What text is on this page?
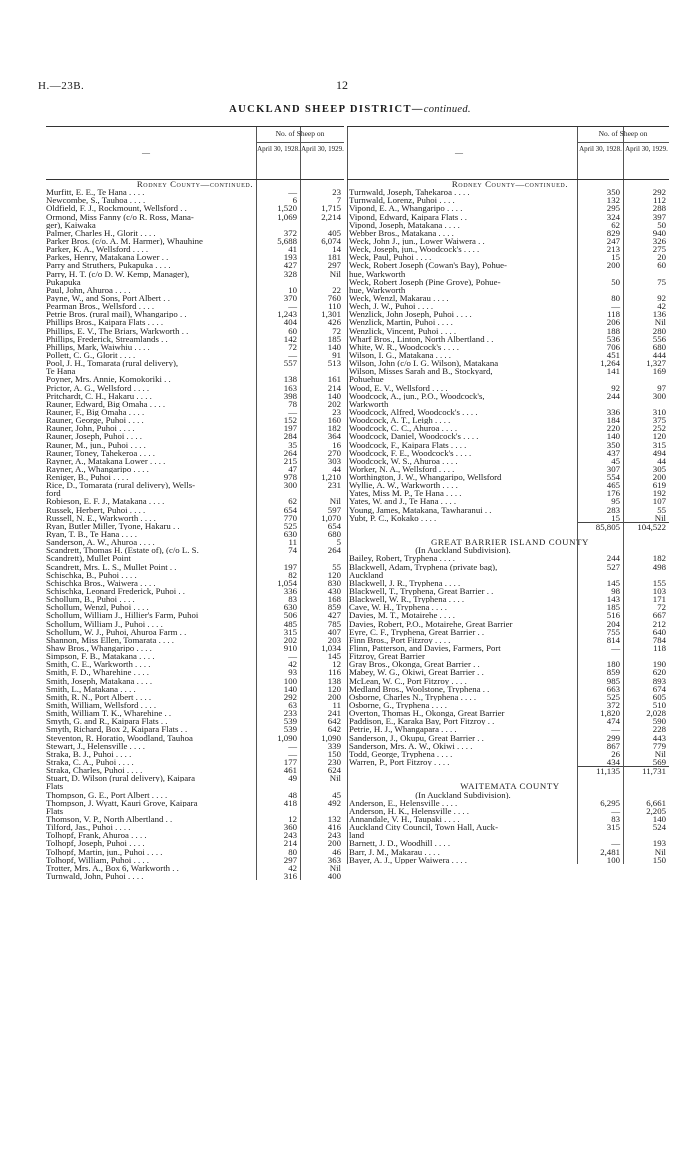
H.—23B.	12
AUCKLAND SHEEP DISTRICT—continued.
—
No. of Sheep on
April 30, 1928. April 30, 1929.
Rodney County—continued.
Murfitt, E. E., Te Hana . . . .	—	23
Newcombe, S., Tauhoa . . . .	6	7
Oldfield, F. J., Rockmount, Wellsford . .	1,520	1,715
Ormond, Miss Fanny (c/o R. Ross, Mana-	1,069	2,214
ger), Kaiwaka
Palmer, Charles H., Glorit . . . .	372	405
Parker Bros. (c/o. A. M. Harmer), Whauhine	5,688	6,074
Parker, K. A., Wellsford . . . .	41	14
Parkes, Henry, Matakana Lower . .	193	181
Parry and Struthers, Pukapuka . . . .	427	297
Parry, H. T. (c/o D. W. Kemp, Manager),	328	Nil
Pukapuka
Paul, John, Ahuroa . . . .	10	22
Payne, W., and Sons, Port Albert . .	370	760
Pearman Bros., Wellsford . . . .	—	110
Petrie Bros. (rural mail), Whangaripo . .	1,243	1,301
Phillips Bros., Kaipara Flats . . . .	404	426
Phillips, E. V., The Briars, Warkworth . .	60	72
Phillips, Frederick, Streamlands . .	142	185
Phillips, Mark, Waiwhiu . . . .	72	140
Pollett, C. G., Glorit . . . .	—	91
Pool, J. H., Tomarata (rural delivery),	557	513
Te Hana
Poyner, Mrs. Annie, Komokoriki . .	138	161
Prictor, A. G., Wellsford . . . .	163	214
Pritchardt, C. H., Hakaru . . . .	398	140
Rauner, Edward, Big Omaha . . . .	78	202
Rauner, F., Big Omaha . . . .	—	23
Rauner, George, Puhoi . . . .	152	160
Rauner, John, Puhoi . . . .	197	182
Rauner, Joseph, Puhoi . . . .	284	364
Rauner, M., jun., Puhoi . . . .	35	16
Rauner, Toney, Tahekeroa . . . .	264	270
Rayner, A., Matakana Lower . . . .	215	303
Rayner, A., Whangaripo . . . .	47	44
Reniger, B., Puhoi . . . .	978	1,210
Rice, D., Tomarata (rural delivery), Wells-	300	231
ford
Robieson, E. F. J., Matakana . . . .	62	Nil
Russek, Herbert, Puhoi . . . .	654	597
Russell, N. E., Warkworth . . . .	770	1,070
Ryan, Butler Miller, Tyone, Hakaru . .	525	654
Ryan, T. B., Te Hana . . . .	630	680
Sanderson, A. W., Ahuroa . . . .	11	5
Scandrett, Thomas H. (Estate of), (c/o L. S.	74	264
Scandrett), Mullet Point
Scandrett, Mrs. L. S., Mullet Point . .	197	55
Schischka, B., Puhoi . . . .	82	120
Schischka Bros., Waiwera . . . .	1,054	830
Schischka, Leonard Frederick, Puhoi . .	336	430
Schollum, B., Puhoi . . . .	83	168
Schollum, Wenzl, Puhoi . . . .	630	859
Schollum, William J., Hillier's Farm, Puhoi	506	427
Schollum, William J., Puhoi . . . .	485	785
Schollum, W. J., Puhoi, Ahuroa Farm . .	315	407
Shannon, Miss Ellen, Tomarata . . . .	202	203
Shaw Bros., Whangaripo . . . .	910	1,034
Simpson, F. B., Matakana . . . .	—	145
Smith, C. E., Warkworth . . . .	42	12
Smith, F. D., Wharehine . . . .	93	116
Smith, Joseph, Matakana . . . .	100	138
Smith, L., Matakana . . . .	140	120
Smith, R. N., Port Albert . . . .	292	200
Smith, William, Wellsford . . . .	63	11
Smith, William T. K., Wharehine . .	233	241
Smyth, G. and R., Kaipara Flats . .	539	642
Smyth, Richard, Box 2, Kaipara Flats . .	539	642
Steventon, R. Horatio, Woodland, Tauhoa	1,090	1,090
Stewart, J., Helensville . . . .	—	339
Straka, B. J., Puhoi . . . .	—	150
Straka, C. A., Puhoi . . . .	177	230
Straka, Charles, Puhoi . . . .	461	624
Stuart, D. Wilson (rural delivery), Kaipara	49	Nil
Flats
Thompson, G. E., Port Albert . . . .	48	45
Thompson, J. Wyatt, Kauri Grove, Kaipara	418	492
Flats
Thomson, V. P., North Albertland . .	12	132
Tilford, Jas., Puhoi . . . .	360	416
Tolhopf, Frank, Ahuroa . . . .	243	243
Tolhopf, Joseph, Puhoi . . . .	214	200
Tolhopf, Martin, jun., Puhoi . . . .	80	46
Tolhopf, William, Puhoi . . . .	297	363
Trotter, Mrs. A., Box 6, Warkworth . .	42	Nil
Turnwald, John, Puhoi . . . .	316	400
—
No. of Sheep on
April 30, 1928. April 30, 1929.
Rodney County—continued.
Turnwald, Joseph, Tahekaroa . . . .	350	292
Turnwald, Lorenz, Puhoi . . . .	132	112
Vipond, E. A., Whangaripo . . . .	295	288
Vipond, Edward, Kaipara Flats . .	324	397
Vipond, Joseph, Matakana . . . .	62	50
Webber Bros., Matakana . . . .	829	940
Weck, John J., jun., Lower Waiwera . .	247	326
Weck, Joseph, jun., Woodcock's . . . .	213	275
Weck, Paul, Puhoi . . . .	15	20
Weck, Robert Joseph (Cowan's Bay), Pohue-	200	60
hue, Warkworth
Weck, Robert Joseph (Pine Grove), Pohue-	50	75
hue, Warkworth
Weck, Wenzl, Makarau . . . .	80	92
Wech, J. W., Puhoi . . . .	—	42
Wenzlick, John Joseph, Puhoi . . . .	118	136
Wenzlick, Martin, Puhoi . . . .	206	Nil
Wenzlick, Vincent, Puhoi . . . .	188	280
Wharf Bros., Linton, North Albertland . .	536	556
White, W. R., Woodcock's . . . .	706	680
Wilson, I. G., Matakana . . . .	451	444
Wilson, John (c/o I. G. Wilson), Matakana	1,264	1,327
Wilson, Misses Sarah and B., Stockyard,	141	169
Pohuehue
Wood, E. V., Wellsford . . . .	92	97
Woodcock, A., jun., P.O., Woodcock's,	244	300
Warkworth
Woodcock, Alfred, Woodcock's . . . .	336	310
Woodcock, A. T., Leigh . . . .	184	375
Woodcock, C. C., Ahuroa . . . .	220	252
Woodcock, Daniel, Woodcock's . . . .	140	120
Woodcock, F., Kaipara Flats . . . .	350	315
Woodcock, F. E., Woodcock's . . . .	437	494
Woodcock, W. S., Ahuroa . . . .	45	44
Worker, N. A., Wellsford . . . .	307	305
Worthington, J. W., Whangaripo, Wellsford	554	200
Wyllie, A. W., Warkworth . . . .	465	619
Yates, Miss M. P., Te Hana . . . .	176	192
Yates, W. and J., Te Hana . . . .	95	107
Young, James, Matakana, Tawharanui . .	283	55
Yubt, P. C., Kokako . . . .	15	Nil
85,805	104,522
GREAT BARRIER ISLAND COUNTY
(In Auckland Subdivision).
Bailey, Robert, Tryphena . . . .	244	182
Blackwell, Adam, Tryphena (private bag),	527	498
Auckland
Blackwell, J. R., Tryphena . . . .	145	155
Blackwell, T., Tryphena, Great Barrier . .	98	103
Blackwell, W. R., Tryphena . . . .	143	171
Cave, W. H., Tryphena . . . .	185	72
Davies, M. T., Motairehe . . . .	516	667
Davies, Robert, P.O., Motairehe, Great Barrier	204	212
Eyre, C. F., Tryphena, Great Barrier . .	755	640
Finn Bros., Port Fitzroy . . . .	814	784
Flinn, Patterson, and Davies, Farmers, Port	—	118
Fitzroy, Great Barrier
Gray Bros., Okonga, Great Barrier . .	180	190
Mabey, W. G., Okiwi, Great Barrier . .	859	620
McLean, W. C., Port Fitzroy . . . .	985	893
Medland Bros., Woolstone, Tryphena . .	663	674
Osborne, Charles N., Tryphena . . . .	525	605
Osborne, G., Tryphena . . . .	372	510
Overton, Thomas H., Okonga, Great Barrier	1,820	2,028
Paddison, E., Karaka Bay, Port Fitzroy . .	474	590
Petrie, H. J., Whangapara . . . .	—	228
Sanderson, J., Okupu, Great Barrier . .	299	443
Sanderson, Mrs. A. W., Okiwi . . . .	867	779
Todd, George, Tryphena . . . .	26	Nil
Warren, P., Port Fitzroy . . . .	434	569
11,135	11,731
WAITEMATA COUNTY
(In Auckland Subdivision).
Anderson, E., Helensville . . . .	6,295	6,661
Anderson, H. K., Helensville . . . .	—	2,205
Annandale, V. H., Taupaki . . . .	83	140
Auckland City Council, Town Hall, Auck-	315	524
land
Barnett, J. D., Woodhill . . . .	—	193
Barr, J. M., Makarau . . . .	2,481	Nil
Bayer, A. J., Upper Waiwera . . . .	100	150
